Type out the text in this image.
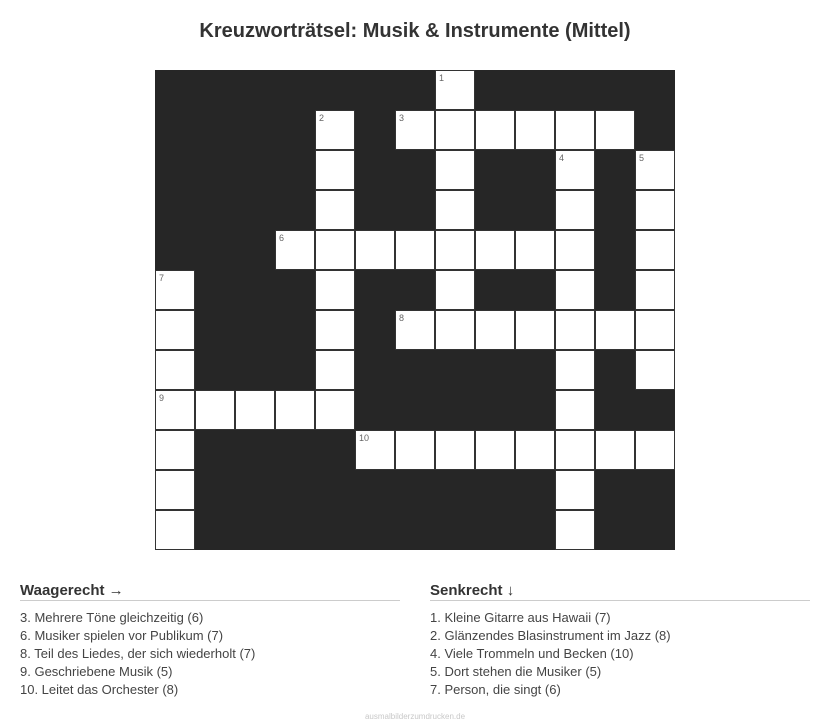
Kreuzworträtsel: Musik & Instrumente (Mittel)
1
2	3
4	5
6
7
8
9
10
Waagerecht →
3. Mehrere Töne gleichzeitig (6)
6. Musiker spielen vor Publikum (7)
8. Teil des Liedes, der sich wiederholt (7)
9. Geschriebene Musik (5)
10. Leitet das Orchester (8)
Senkrecht ↓
1. Kleine Gitarre aus Hawaii (7)
2. Glänzendes Blasinstrument im Jazz (8)
4. Viele Trommeln und Becken (10)
5. Dort stehen die Musiker (5)
7. Person, die singt (6)
ausmalbilderzumdrucken.de
